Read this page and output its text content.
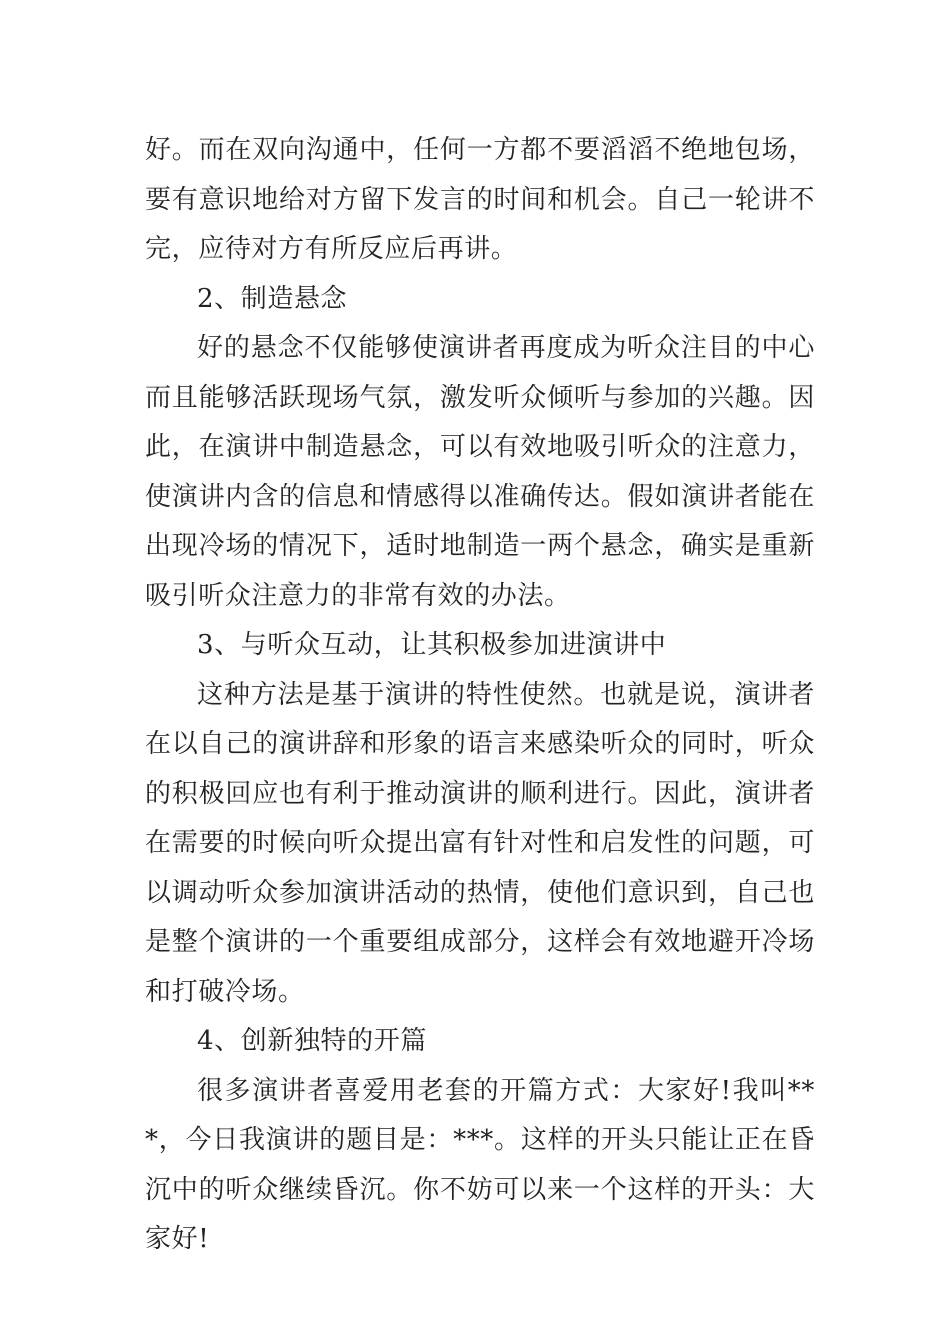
好。而在双向沟通中，任何一方都不要滔滔不绝地包场，要有意识地给对方留下发言的时间和机会。自己一轮讲不完，应待对方有所反应后再讲。

2、制造悬念

好的悬念不仅能够使演讲者再度成为听众注目的中心而且能够活跃现场气氛，激发听众倾听与参加的兴趣。因此，在演讲中制造悬念，可以有效地吸引听众的注意力，使演讲内含的信息和情感得以准确传达。假如演讲者能在出现冷场的情况下，适时地制造一两个悬念，确实是重新吸引听众注意力的非常有效的办法。

3、与听众互动，让其积极参加进演讲中

这种方法是基于演讲的特性使然。也就是说，演讲者在以自己的演讲辞和形象的语言来感染听众的同时，听众的积极回应也有利于推动演讲的顺利进行。因此，演讲者在需要的时候向听众提出富有针对性和启发性的问题，可以调动听众参加演讲活动的热情，使他们意识到，自己也是整个演讲的一个重要组成部分，这样会有效地避开冷场和打破冷场。

4、创新独特的开篇

很多演讲者喜爱用老套的开篇方式：大家好!我叫***，今日我演讲的题目是：***。这样的开头只能让正在昏沉中的听众继续昏沉。你不妨可以来一个这样的开头：大家好!
